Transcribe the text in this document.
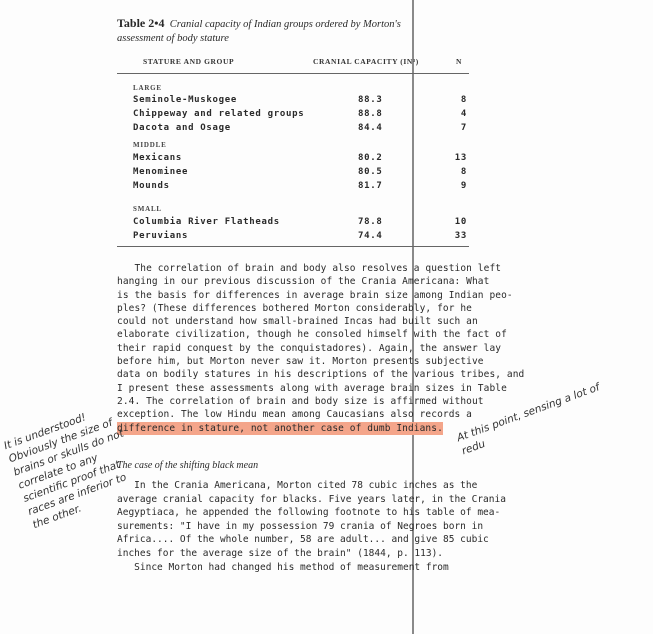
Table 2•4 Cranial capacity of Indian groups ordered by Morton's assessment of body stature
STATURE AND GROUP	CRANIAL CAPACITY (IN³)	N
LARGE
Seminole-Muskogee	88.3	8
Chippeway and related groups	88.8	4
Dacota and Osage	84.4	7
MIDDLE
Mexicans	80.2	13
Menominee	80.5	8
Mounds	81.7	9
SMALL
Columbia River Flatheads	78.8	10
Peruvians	74.4	33
The correlation of brain and body also resolves a question left
hanging in our previous discussion of the Crania Americana: What
is the basis for differences in average brain size among Indian peo-
ples? (These differences bothered Morton considerably, for he
could not understand how small-brained Incas had built such an
elaborate civilization, though he consoled himself with the fact of
their rapid conquest by the conquistadores). Again, the answer lay
before him, but Morton never saw it. Morton presents subjective
data on bodily statures in his descriptions of the various tribes, and
I present these assessments along with average brain sizes in Table
2.4. The correlation of brain and body size is affirmed without
exception. The low Hindu mean among Caucasians also records a
difference in stature, not another case of dumb Indians.
The case of the shifting black mean
In the Crania Americana, Morton cited 78 cubic inches as the
average cranial capacity for blacks. Five years later, in the Crania
Aegyptiaca, he appended the following footnote to his table of mea-
surements: "I have in my possession 79 crania of Negroes born in
Africa.... Of the whole number, 58 are adult... and give 85 cubic
inches for the average size of the brain" (1844, p. 113).
Since Morton had changed his method of measurement from
It is understood! Obviously the size of brains or skulls do not correlate to any scientific proof that races are inferior to the other.
At this point, sensing a lot of redu
